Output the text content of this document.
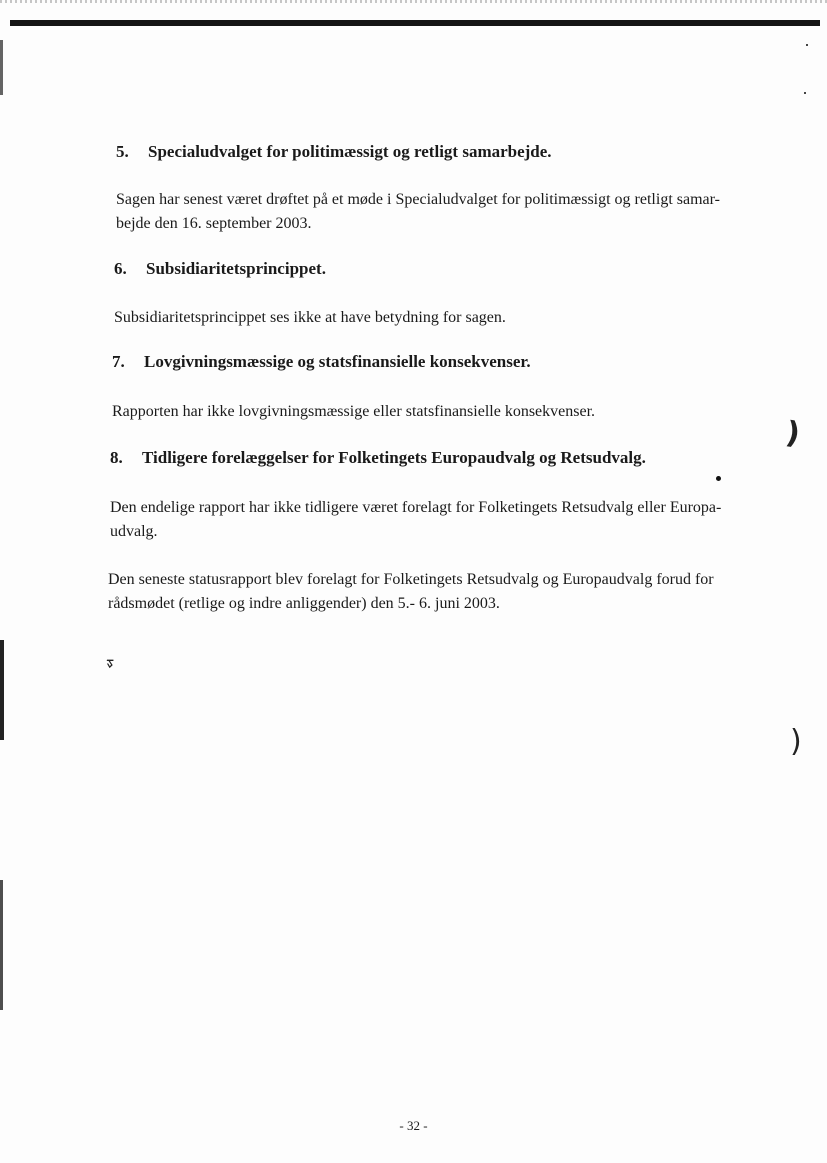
5. Specialudvalget for politimæssigt og retligt samarbejde.
Sagen har senest været drøftet på et møde i Specialudvalget for politimæssigt og retligt samar-
bejde den 16. september 2003.
6. Subsidiaritetsprincippet.
Subsidiaritetsprincippet ses ikke at have betydning for sagen.
7. Lovgivningsmæssige og statsfinansielle konsekvenser.
Rapporten har ikke lovgivningsmæssige eller statsfinansielle konsekvenser.
8. Tidligere forelæggelser for Folketingets Europaudvalg og Retsudvalg.
Den endelige rapport har ikke tidligere været forelagt for Folketingets Retsudvalg eller Europa-
udvalg.
Den seneste statusrapport blev forelagt for Folketingets Retsudvalg og Europaudvalg forud for
rådsmødet (retlige og indre anliggender) den 5.- 6. juni 2003.
)
)
ᢌ
- 32 -
